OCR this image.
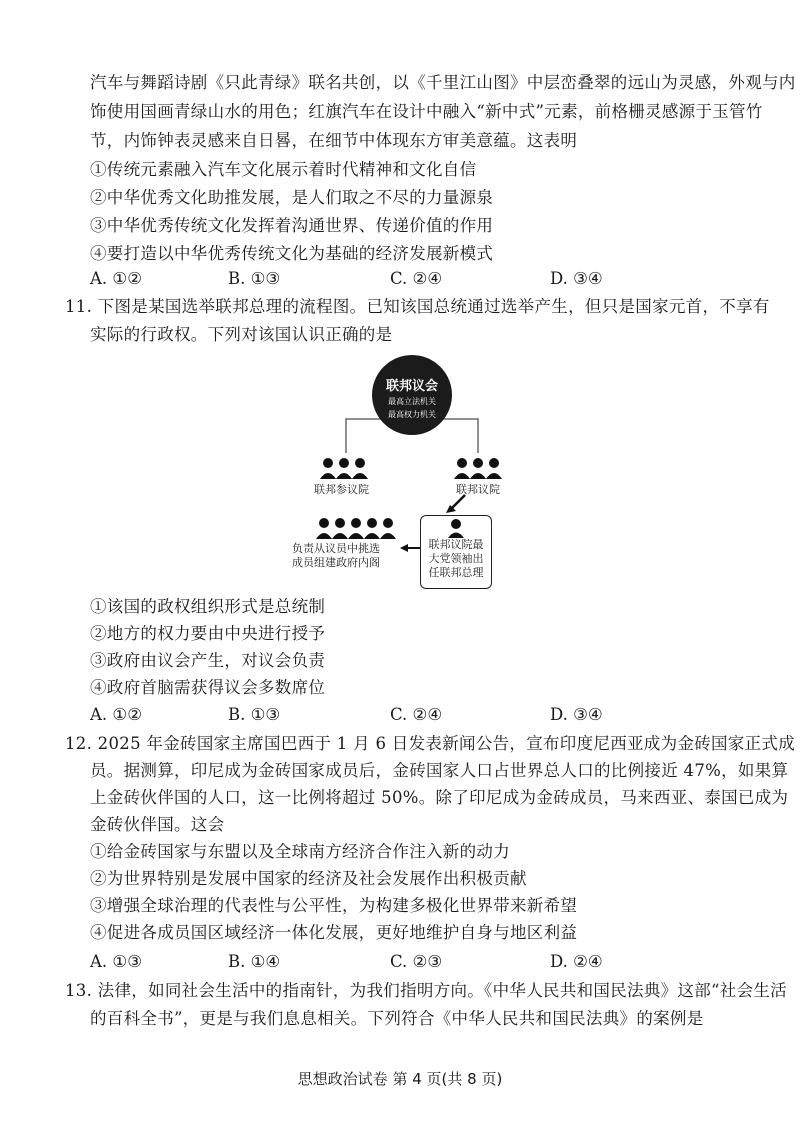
汽车与舞蹈诗剧《只此青绿》联名共创，以《千里江山图》中层峦叠翠的远山为灵感，外观与内
饰使用国画青绿山水的用色；红旗汽车在设计中融入“新中式”元素，前格栅灵感源于玉管竹
节，内饰钟表灵感来自日晷，在细节中体现东方审美意蕴。这表明
①传统元素融入汽车文化展示着时代精神和文化自信
②中华优秀文化助推发展，是人们取之不尽的力量源泉
③中华优秀传统文化发挥着沟通世界、传递价值的作用
④要打造以中华优秀传统文化为基础的经济发展新模式
A. ①②	B. ①③	C. ②④	D. ③④
11. 下图是某国选举联邦总理的流程图。已知该国总统通过选举产生，但只是国家元首，不享有
实际的行政权。下列对该国认识正确的是
联邦议会
最高立法机关
最高权力机关
联邦参议院	联邦议院
联邦议院最
大党领袖出
任联邦总理
负责从议员中挑选
成员组建政府内阁
①该国的政权组织形式是总统制
②地方的权力要由中央进行授予
③政府由议会产生，对议会负责
④政府首脑需获得议会多数席位
A. ①②	B. ①③	C. ②④	D. ③④
12. 2025 年金砖国家主席国巴西于 1 月 6 日发表新闻公告，宣布印度尼西亚成为金砖国家正式成
员。据测算，印尼成为金砖国家成员后，金砖国家人口占世界总人口的比例接近 47%，如果算
上金砖伙伴国的人口，这一比例将超过 50%。除了印尼成为金砖成员，马来西亚、泰国已成为
金砖伙伴国。这会
①给金砖国家与东盟以及全球南方经济合作注入新的动力
②为世界特别是发展中国家的经济及社会发展作出积极贡献
③增强全球治理的代表性与公平性，为构建多极化世界带来新希望
④促进各成员国区域经济一体化发展，更好地维护自身与地区利益
A. ①③	B. ①④	C. ②③	D. ②④
13. 法律，如同社会生活中的指南针，为我们指明方向。《中华人民共和国民法典》这部“社会生活
的百科全书”，更是与我们息息相关。下列符合《中华人民共和国民法典》的案例是
思想政治试卷 第 4 页(共 8 页)
